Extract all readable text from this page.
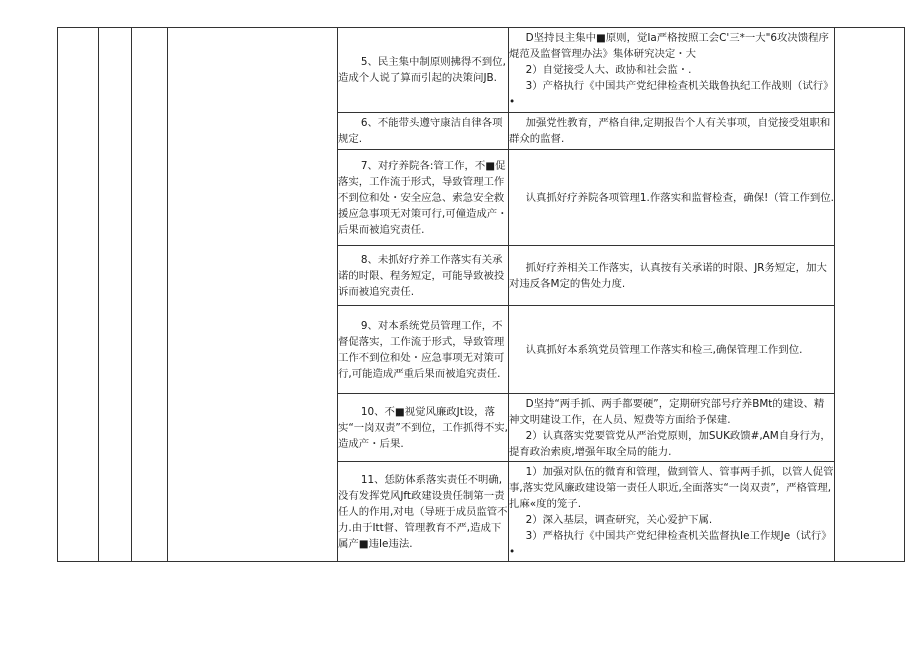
				5、民主集中制原则拂得不到位,造成个人说了算而引起的决策问JB.	D坚持艮主集中■原则，觉Ia严格按照工会C'三*一大"6攻决馈程序焜范及监督管理办法》集体研究决定・大

2）自觉接受人大、政协和社会监・.

3）产格执行《中国共产党纪律检查机关戢鲁执纪工作战则（试行》•	

				6、不能带头遵守康洁自律各项规定.	加强党性教育，严格自律,定期报告个人有关事项，自觉接受俎职和群众的监督.	

				7、对疗养院各:管工作，不■促落实，工作流于形式，导致管理工作不到位和处・安全应急、索急安全救援应急事项无对策可行,可僮造成产・后果而被追究责任.	认真抓好疗养院各项管理1.作落实和监督检查，确保!（管工作到位.	

				8、未抓好疗养工作落实有关承诺的时限、程务短定，可能导致被投诉而被追究责任.	抓好疗养相关工作落实，认真按有关承诺的时限、JR务短定，加大对违反各M定的售处力度.	

				9、对本系统党员管理工作，不督促落实，工作流于形式，导致管理工作不到位和处・应急事项无对策可行,可能造成严重后果而被追究责任.	认真抓好本系筑党员管理工作落实和检三,确保管理工作到位.	

				10、不■视觉风廉政Jt设，落实“一岗双责”不到位，工作抓得不实,造成产・后果.	D坚持“两手抓、两手都要硬”，定期研究部号疗养BMt的建设、精神文明建设工作，在人员、短费等方面给予保建.

2）认真落实党要管党从严治党原则，加SUK政馈#,AM自身行为，提育政治索庾,增强年取全局的能力.	

				11、恁防体系落实责任不明确,没有发挥党风Jft政建设贵任制第一责任人的作用,对电（导班于成员监管不力.由于Itt督、管理教育不严,造成下属产■违Ie违法.	1）加强对队伍的微育和管理，做到管人、管事两手抓，以管人促管事,落实党风廉政建设第一责任人职近,全面落实“一岗双责”，严格管理,扎麻«度的笼子.

2）深入基层，调查研究，关心爱护下属.

3）严格执行《中国共产党纪律检查机关监督执Ie工作规Je（试行》•	
